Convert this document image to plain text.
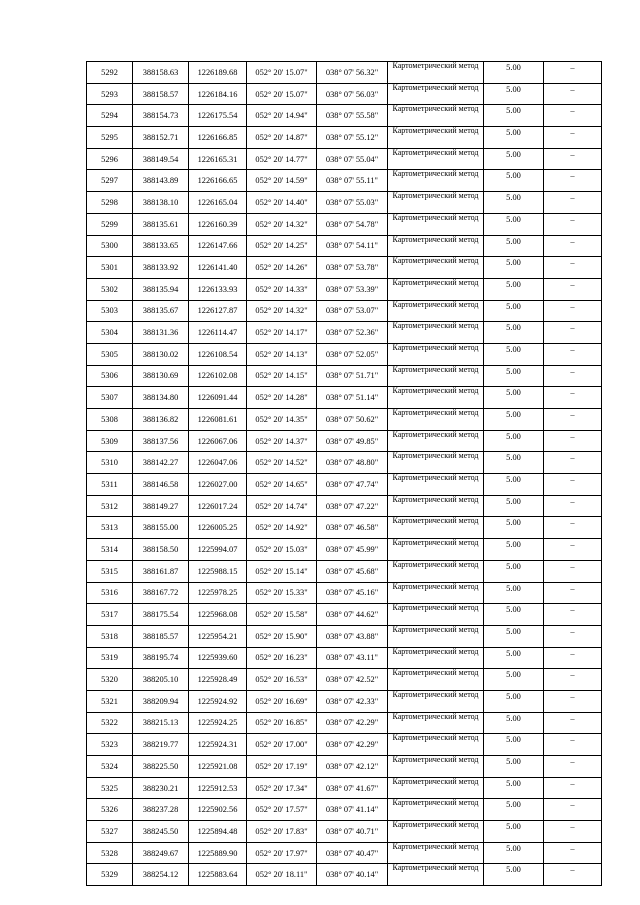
5292	388158.63	1226189.68	052° 20' 15.07"	038° 07' 56.32"	Картометрический метод	5.00	–
5293	388158.57	1226184.16	052° 20' 15.07"	038° 07' 56.03"	Картометрический метод	5.00	–
5294	388154.73	1226175.54	052° 20' 14.94"	038° 07' 55.58"	Картометрический метод	5.00	–
5295	388152.71	1226166.85	052° 20' 14.87"	038° 07' 55.12"	Картометрический метод	5.00	–
5296	388149.54	1226165.31	052° 20' 14.77"	038° 07' 55.04"	Картометрический метод	5.00	–
5297	388143.89	1226166.65	052° 20' 14.59"	038° 07' 55.11"	Картометрический метод	5.00	–
5298	388138.10	1226165.04	052° 20' 14.40"	038° 07' 55.03"	Картометрический метод	5.00	–
5299	388135.61	1226160.39	052° 20' 14.32"	038° 07' 54.78"	Картометрический метод	5.00	–
5300	388133.65	1226147.66	052° 20' 14.25"	038° 07' 54.11"	Картометрический метод	5.00	–
5301	388133.92	1226141.40	052° 20' 14.26"	038° 07' 53.78"	Картометрический метод	5.00	–
5302	388135.94	1226133.93	052° 20' 14.33"	038° 07' 53.39"	Картометрический метод	5.00	–
5303	388135.67	1226127.87	052° 20' 14.32"	038° 07' 53.07"	Картометрический метод	5.00	–
5304	388131.36	1226114.47	052° 20' 14.17"	038° 07' 52.36"	Картометрический метод	5.00	–
5305	388130.02	1226108.54	052° 20' 14.13"	038° 07' 52.05"	Картометрический метод	5.00	–
5306	388130.69	1226102.08	052° 20' 14.15"	038° 07' 51.71"	Картометрический метод	5.00	–
5307	388134.80	1226091.44	052° 20' 14.28"	038° 07' 51.14"	Картометрический метод	5.00	–
5308	388136.82	1226081.61	052° 20' 14.35"	038° 07' 50.62"	Картометрический метод	5.00	–
5309	388137.56	1226067.06	052° 20' 14.37"	038° 07' 49.85"	Картометрический метод	5.00	–
5310	388142.27	1226047.06	052° 20' 14.52"	038° 07' 48.80"	Картометрический метод	5.00	–
5311	388146.58	1226027.00	052° 20' 14.65"	038° 07' 47.74"	Картометрический метод	5.00	–
5312	388149.27	1226017.24	052° 20' 14.74"	038° 07' 47.22"	Картометрический метод	5.00	–
5313	388155.00	1226005.25	052° 20' 14.92"	038° 07' 46.58"	Картометрический метод	5.00	–
5314	388158.50	1225994.07	052° 20' 15.03"	038° 07' 45.99"	Картометрический метод	5.00	–
5315	388161.87	1225988.15	052° 20' 15.14"	038° 07' 45.68"	Картометрический метод	5.00	–
5316	388167.72	1225978.25	052° 20' 15.33"	038° 07' 45.16"	Картометрический метод	5.00	–
5317	388175.54	1225968.08	052° 20' 15.58"	038° 07' 44.62"	Картометрический метод	5.00	–
5318	388185.57	1225954.21	052° 20' 15.90"	038° 07' 43.88"	Картометрический метод	5.00	–
5319	388195.74	1225939.60	052° 20' 16.23"	038° 07' 43.11"	Картометрический метод	5.00	–
5320	388205.10	1225928.49	052° 20' 16.53"	038° 07' 42.52"	Картометрический метод	5.00	–
5321	388209.94	1225924.92	052° 20' 16.69"	038° 07' 42.33"	Картометрический метод	5.00	–
5322	388215.13	1225924.25	052° 20' 16.85"	038° 07' 42.29"	Картометрический метод	5.00	–
5323	388219.77	1225924.31	052° 20' 17.00"	038° 07' 42.29"	Картометрический метод	5.00	–
5324	388225.50	1225921.08	052° 20' 17.19"	038° 07' 42.12"	Картометрический метод	5.00	–
5325	388230.21	1225912.53	052° 20' 17.34"	038° 07' 41.67"	Картометрический метод	5.00	–
5326	388237.28	1225902.56	052° 20' 17.57"	038° 07' 41.14"	Картометрический метод	5.00	–
5327	388245.50	1225894.48	052° 20' 17.83"	038° 07' 40.71"	Картометрический метод	5.00	–
5328	388249.67	1225889.90	052° 20' 17.97"	038° 07' 40.47"	Картометрический метод	5.00	–
5329	388254.12	1225883.64	052° 20' 18.11"	038° 07' 40.14"	Картометрический метод	5.00	–
